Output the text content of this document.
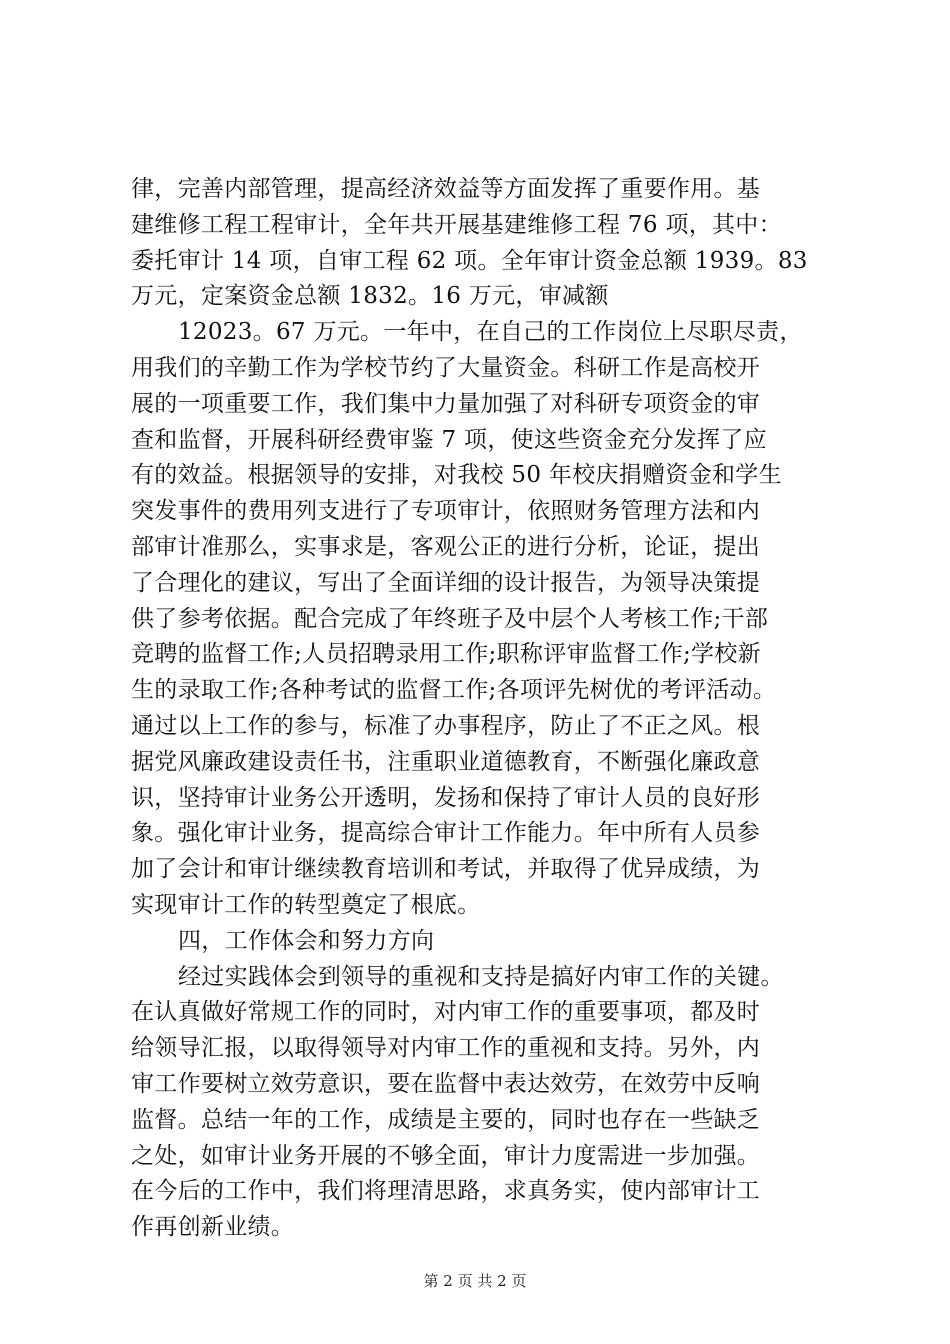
律，完善内部管理，提高经济效益等方面发挥了重要作用。基

建维修工程工程审计，全年共开展基建维修工程 76 项，其中：

委托审计 14 项，自审工程 62 项。全年审计资金总额 1939。83

万元，定案资金总额 1832。16 万元，审减额

12023。67 万元。一年中，在自己的工作岗位上尽职尽责，

用我们的辛勤工作为学校节约了大量资金。科研工作是高校开

展的一项重要工作，我们集中力量加强了对科研专项资金的审

查和监督，开展科研经费审鉴 7 项，使这些资金充分发挥了应

有的效益。根据领导的安排，对我校 50 年校庆捐赠资金和学生

突发事件的费用列支进行了专项审计，依照财务管理方法和内

部审计准那么，实事求是，客观公正的进行分析，论证，提出

了合理化的建议，写出了全面详细的设计报告，为领导决策提

供了参考依据。配合完成了年终班子及中层个人考核工作;干部

竞聘的监督工作;人员招聘录用工作;职称评审监督工作;学校新

生的录取工作;各种考试的监督工作;各项评先树优的考评活动。

通过以上工作的参与，标准了办事程序，防止了不正之风。根

据党风廉政建设责任书，注重职业道德教育，不断强化廉政意

识，坚持审计业务公开透明，发扬和保持了审计人员的良好形

象。强化审计业务，提高综合审计工作能力。年中所有人员参

加了会计和审计继续教育培训和考试，并取得了优异成绩，为

实现审计工作的转型奠定了根底。

四，工作体会和努力方向

经过实践体会到领导的重视和支持是搞好内审工作的关键。

在认真做好常规工作的同时，对内审工作的重要事项，都及时

给领导汇报，以取得领导对内审工作的重视和支持。另外，内

审工作要树立效劳意识，要在监督中表达效劳，在效劳中反响

监督。总结一年的工作，成绩是主要的，同时也存在一些缺乏

之处，如审计业务开展的不够全面，审计力度需进一步加强。

在今后的工作中，我们将理清思路，求真务实，使内部审计工

作再创新业绩。

第 2 页 共 2 页
